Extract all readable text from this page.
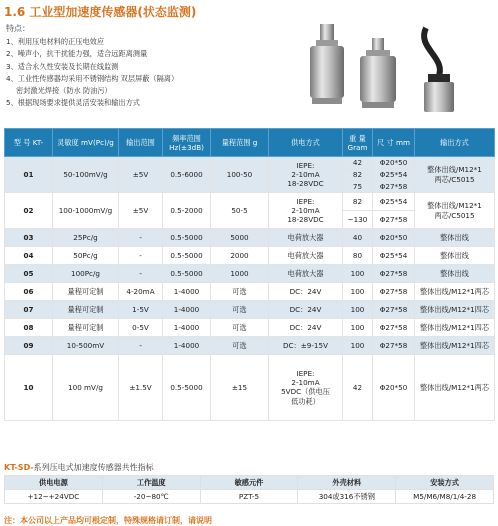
1.6 工业型加速度传感器(状态监测)
特点：
1、利用压电材料的正压电效应
2、噪声小，抗干扰能力强，适合远距离测量
3、适合永久性安装及长期在线监测
4、工业性传感器均采用不锈钢结构 双层屏蔽（隔离）
密封激光焊接（防水 防油污）
5、根据现场要求提供灵活安装和输出方式
型 号 KT-	灵敏度 mV(Pc)/g	输出范围	频率范围 Hz(±3dB)	量程范围 g	供电方式	重 量 Gram	尺 寸 mm	输出方式
01	50-100mV/g	±5V	0.5-6000	100-50	IEPE:
2-10mA
18-28VDC	42
82
75	Φ20*50
Φ25*54
Φ27*58	整体出线/M12*1
两芯/C5015
02	100-1000mV/g	±5V	0.5-2000	50-5	IEPE:
2-10mA
18-28VDC	82
~130	Φ25*54
Φ27*58	整体出线/M12*1
两芯/C5015
03	25Pc/g	-	0.5-5000	5000	电荷放大器	40	Φ20*50	整体出线
04	50Pc/g	-	0.5-5000	2000	电荷放大器	80	Φ25*54	整体出线
05	100Pc/g	-	0.5-5000	1000	电荷放大器	100	Φ27*58	整体出线
06	量程可定制	4-20mA	1-4000	可选	DC：24V	100	Φ27*58	整体出线/M12*1两芯
07	量程可定制	1-5V	1-4000	可选	DC：24V	100	Φ27*58	整体出线/M12*1四芯
08	量程可定制	0-5V	1-4000	可选	DC：24V	100	Φ27*58	整体出线/M12*1四芯
09	10-500mV	-	1-4000	可选	DC：±9-15V	100	Φ27*58	整体出线/M12*1四芯
10	100 mV/g	±1.5V	0.5-5000	±15	IEPE:
2-10mA
5VDC（供电压
低功耗）	42	Φ20*50	整体出线/M12*1两芯
KT-SD-系列压电式加速度传感器共性指标
供电电源	工作温度	敏感元件	外壳材料	安装方式
+12~+24VDC	-20~80℃	PZT-5	304或316不锈钢	M5/M6/M8/1/4-28
注：本公司以上产品均可根定制，特殊规格请订制，请说明
